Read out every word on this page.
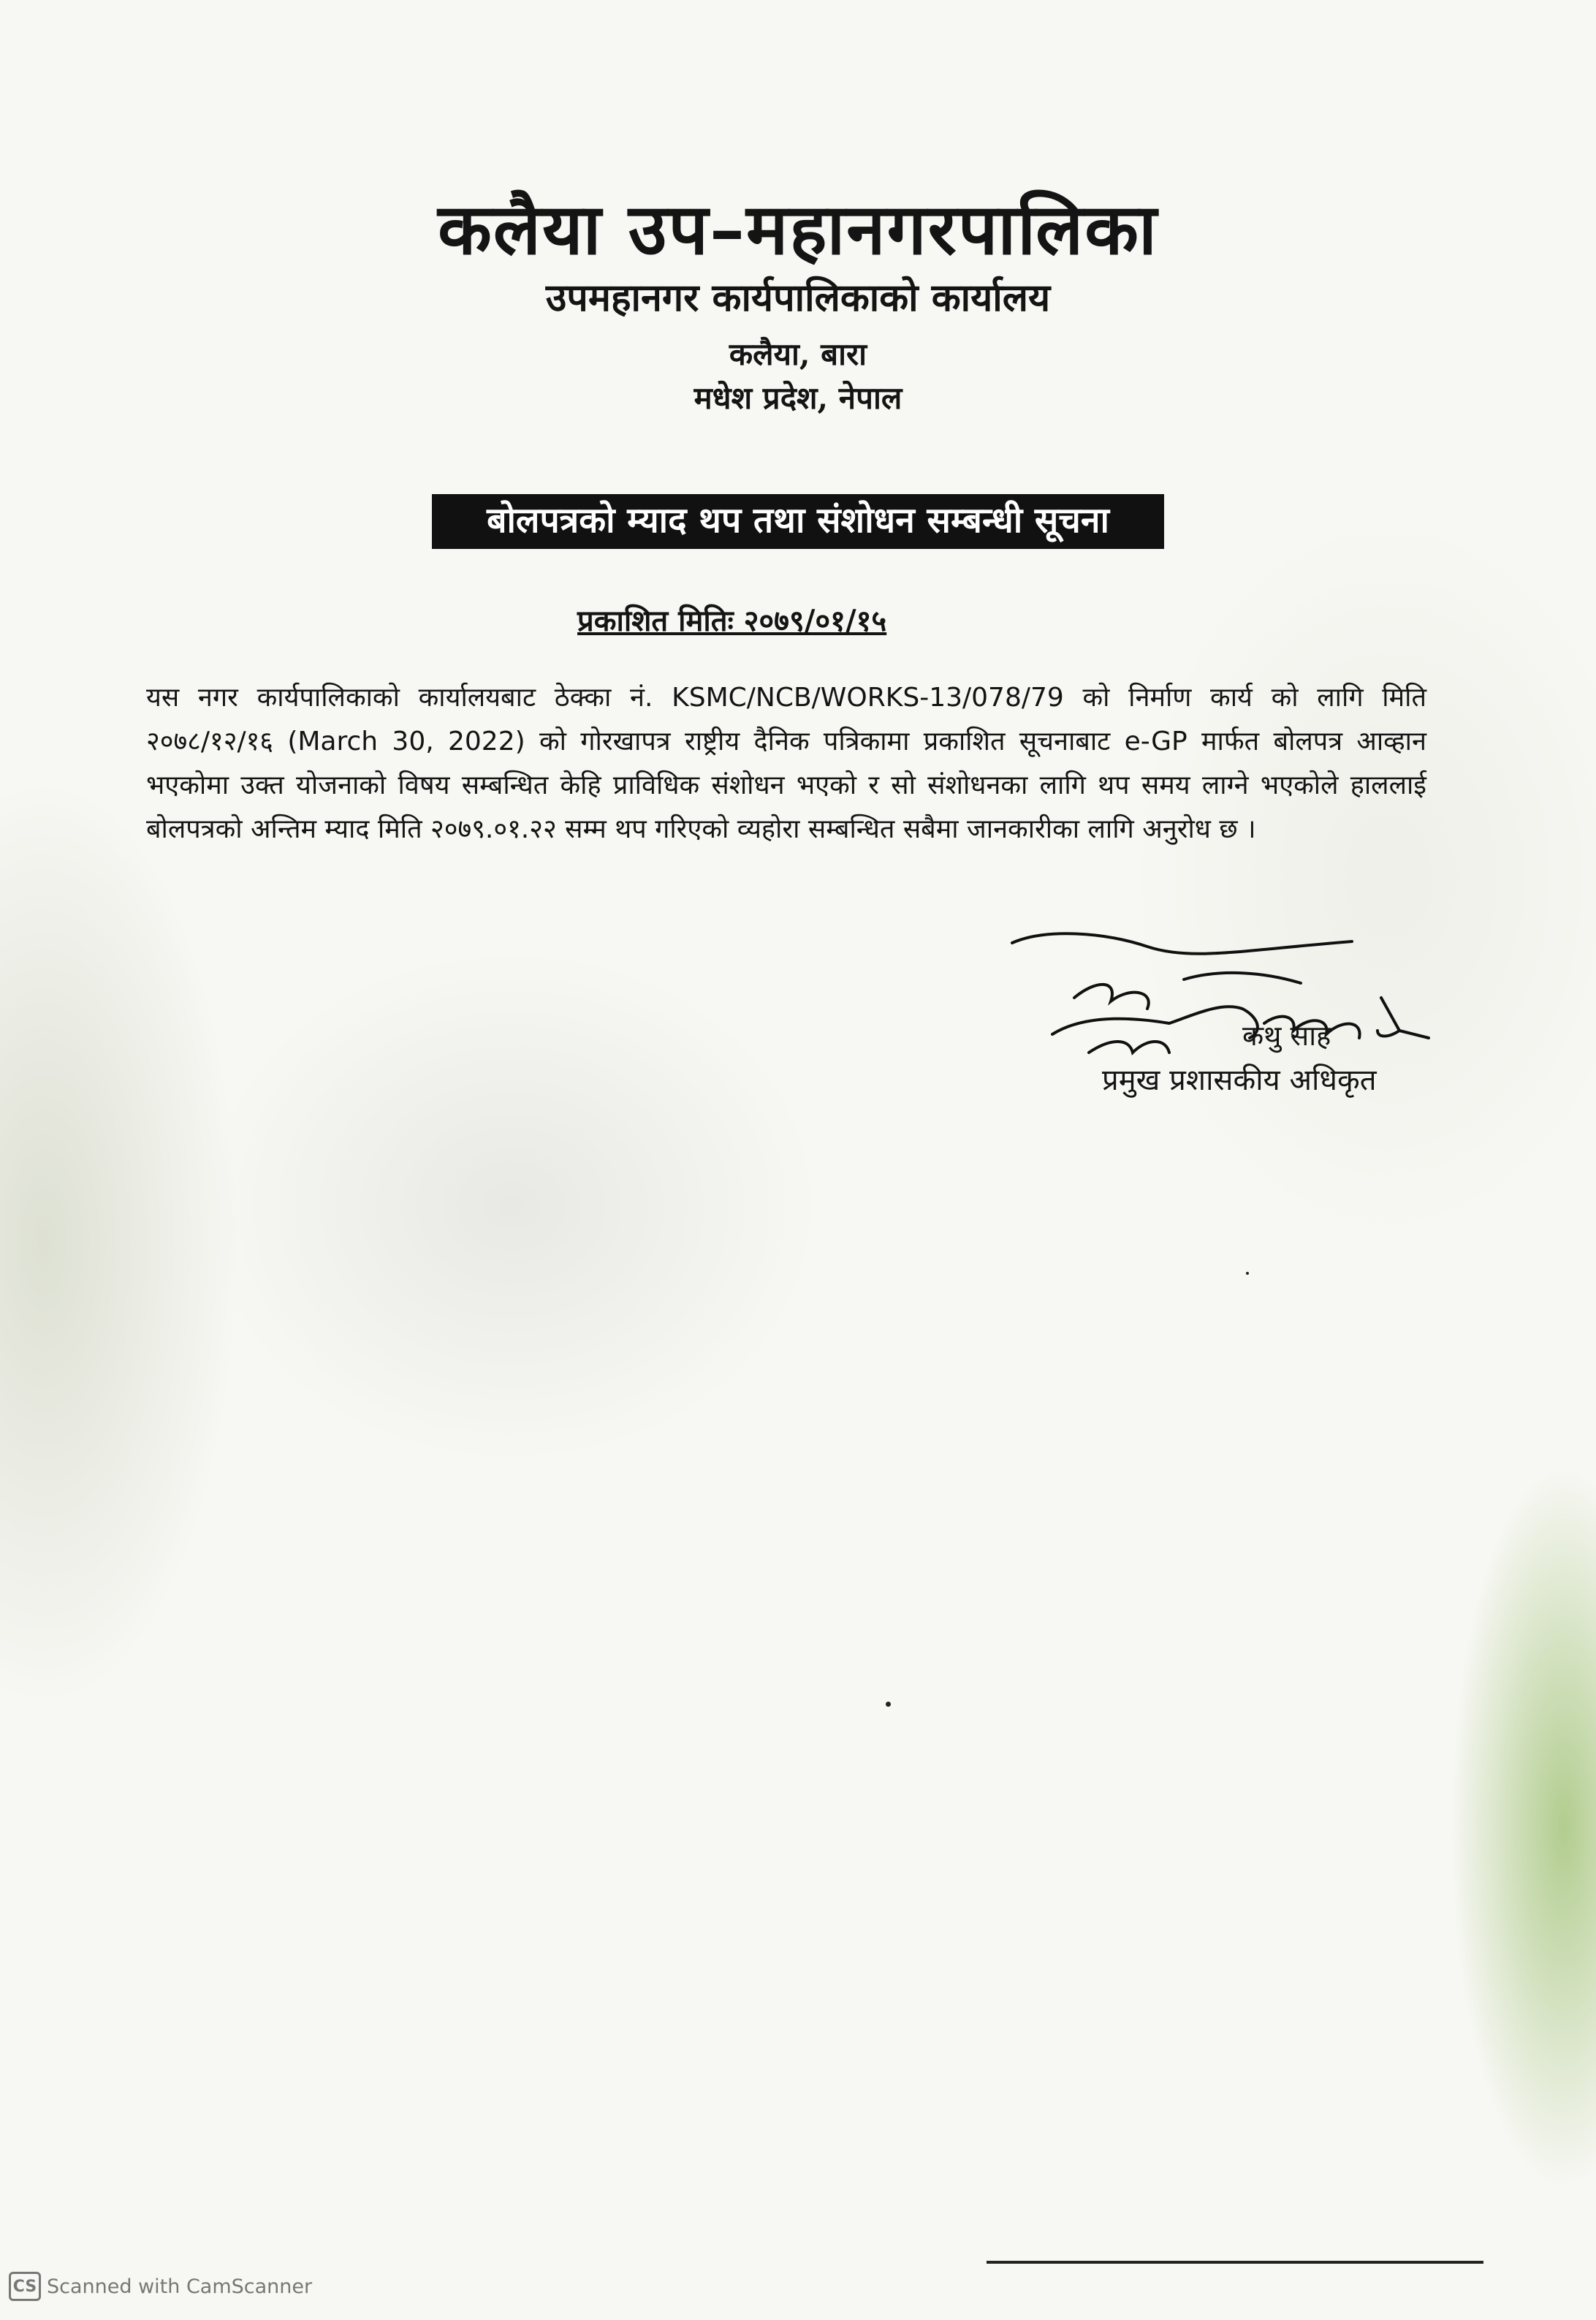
कलैया उप–महानगरपालिका
उपमहानगर कार्यपालिकाको कार्यालय
कलैया, बारा
मधेश प्रदेश, नेपाल
बोलपत्रको म्याद थप तथा संशोधन सम्बन्धी सूचना
प्रकाशित मितिः २०७९/०१/१५
यस नगर कार्यपालिकाको कार्यालयबाट ठेक्का नं. KSMC/NCB/WORKS-13/078/79 को निर्माण कार्य को लागि मिति २०७८/१२/१६ (March 30, 2022) को गोरखापत्र राष्ट्रीय दैनिक पत्रिकामा प्रकाशित सूचनाबाट e-GP मार्फत बोलपत्र आव्हान भएकोमा उक्त योजनाको विषय सम्बन्धित केहि प्राविधिक संशोधन भएको र सो संशोधनका लागि थप समय लाग्ने भएकोले हाललाई बोलपत्रको अन्तिम म्याद मिति २०७९.०१.२२ सम्म थप गरिएको व्यहोरा सम्बन्धित सबैमा जानकारीका लागि अनुरोध छ ।
कथु साह
प्रमुख प्रशासकीय अधिकृत
CS Scanned with CamScanner
